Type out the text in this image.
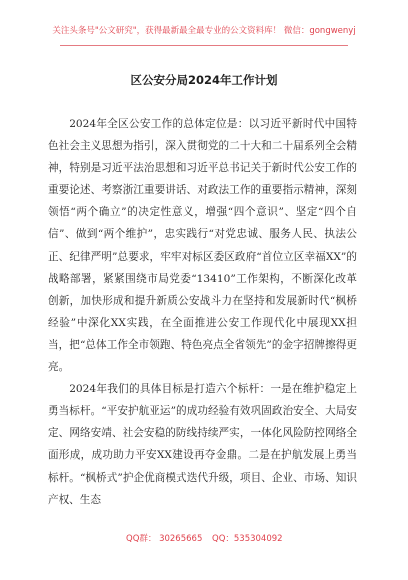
关注头条号"公文研究"，获得最新最全最专业的公文资料库！ 微信：gongwenyj
区公安分局2024年工作计划

2024年全区公安工作的总体定位是：以习近平新时代中国特色社会主义思想为指引，深入贯彻党的二十大和二十届系列全会精神，特别是习近平法治思想和习近平总书记关于新时代公安工作的重要论述、考察浙江重要讲话、对政法工作的重要指示精神，深刻领悟“两个确立”的决定性意义，增强“四个意识”、坚定“四个自信”、做到“两个维护”，忠实践行“对党忠诚、服务人民、执法公正、纪律严明”总要求，牢牢对标区委区政府“首位立区幸福XX”的战略部署，紧紧围绕市局党委“13410”工作架构，不断深化改革创新，加快形成和提升新质公安战斗力在坚持和发展新时代“枫桥经验”中深化XX实践，在全面推进公安工作现代化中展现XX担当，把“总体工作全市领跑、特色亮点全省领先”的金字招牌擦得更亮。

2024年我们的具体目标是打造六个标杆：一是在维护稳定上勇当标杆。“平安护航亚运”的成功经验有效巩固政治安全、大局安定、网络安靖、社会安稳的防线持续严实，一体化风险防控网络全面形成，成功助力平安XX建设再夺金鼎。二是在护航发展上勇当标杆。“枫桥式”护企优商模式迭代升级，项目、企业、市场、知识产权、生态

QQ群： 30265665 QQ：535304092
